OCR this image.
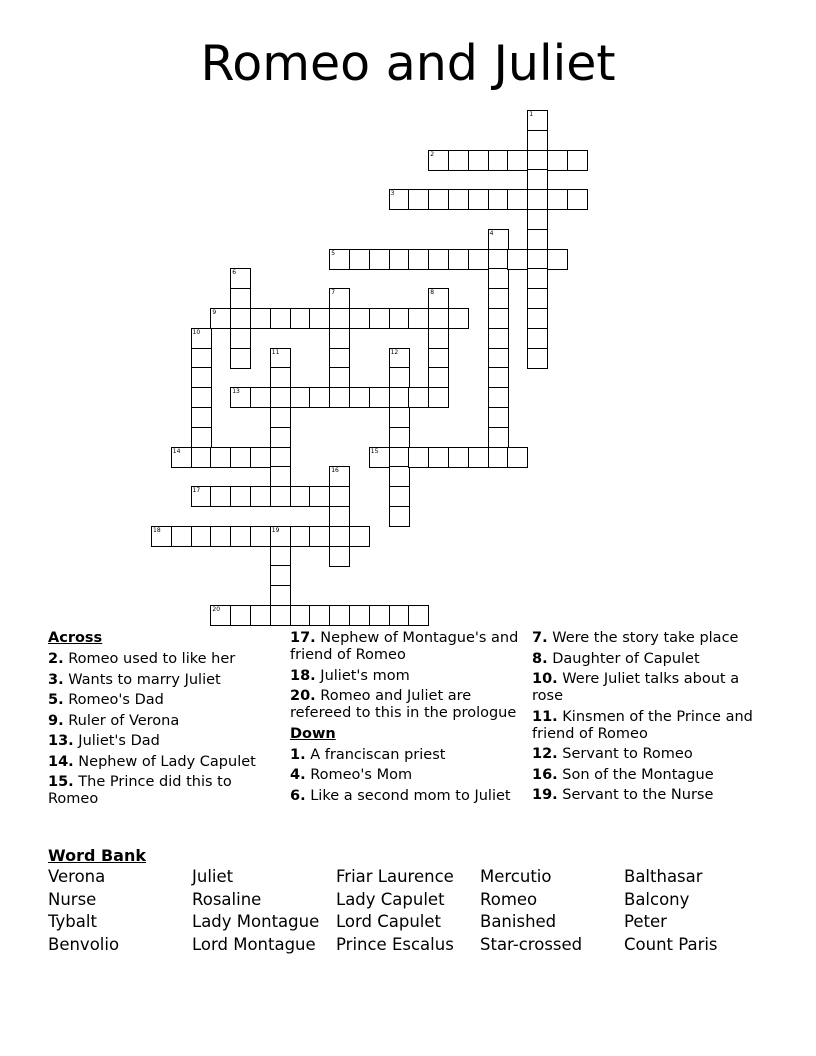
Romeo and Juliet
1
2
3
4
5
6
7	8
9
10
11	12
13
14	15
16
17
18	19
20
Across
2. Romeo used to like her
3. Wants to marry Juliet
5. Romeo's Dad
9. Ruler of Verona
13. Juliet's Dad
14. Nephew of Lady Capulet
15. The Prince did this to Romeo
17. Nephew of Montague's and friend of Romeo
18. Juliet's mom
20. Romeo and Juliet are refereed to this in the prologue
Down
1. A franciscan priest
4. Romeo's Mom
6. Like a second mom to Juliet
7. Were the story take place
8. Daughter of Capulet
10. Were Juliet talks about a rose
11. Kinsmen of the Prince and friend of Romeo
12. Servant to Romeo
16. Son of the Montague
19. Servant to the Nurse
Word Bank
Verona	Juliet	Friar Laurence	Mercutio	Balthasar
Nurse	Rosaline	Lady Capulet	Romeo	Balcony
Tybalt	Lady Montague	Lord Capulet	Banished	Peter
Benvolio	Lord Montague	Prince Escalus	Star-crossed	Count Paris
